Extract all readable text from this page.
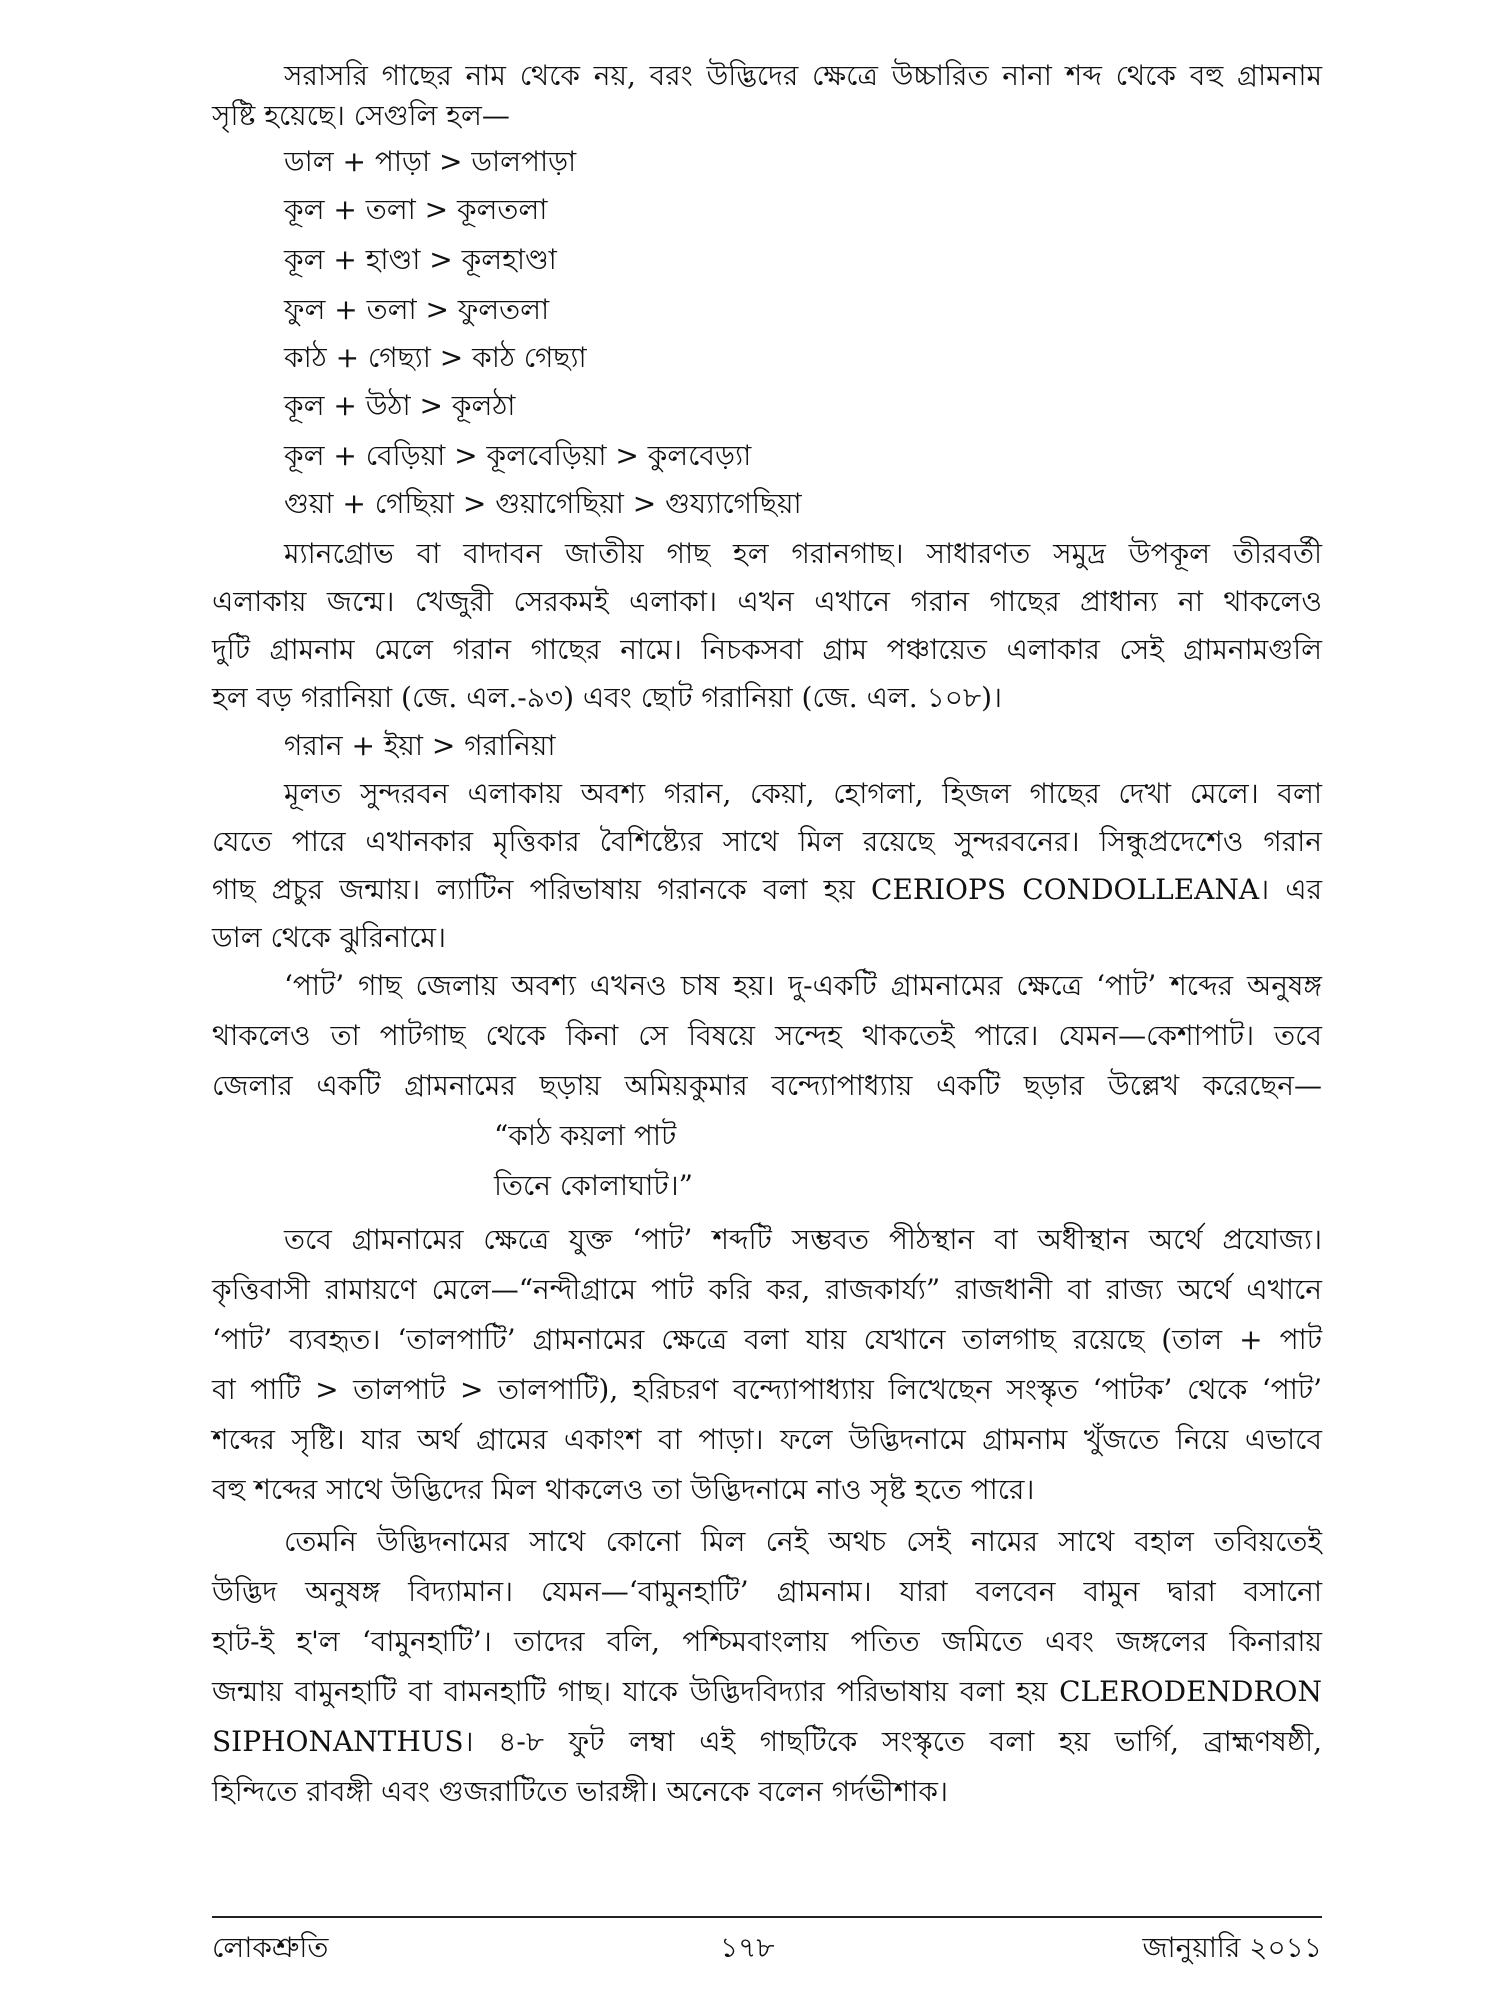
সরাসরি গাছের নাম থেকে নয়, বরং উদ্ভিদের ক্ষেত্রে উচ্চারিত নানা শব্দ থেকে বহু গ্রামনাম
সৃষ্টি হয়েছে। সেগুলি হল—
ডাল + পাড়া > ডালপাড়া
কূল + তলা > কূলতলা
কূল + হাণ্ডা > কূলহাণ্ডা
ফুল + তলা > ফুলতলা
কাঠ + গেছ্যা > কাঠ গেছ্যা
কূল + উঠা > কূলঠা
কূল + বেড়িয়া > কূলবেড়িয়া > কুলবেড়্যা
গুয়া + গেছিয়া > গুয়াগেছিয়া > গুয্যাগেছিয়া
ম্যানগ্রোভ বা বাদাবন জাতীয় গাছ হল গরানগাছ। সাধারণত সমুদ্র উপকূল তীরবর্তী
এলাকায় জন্মে। খেজুরী সেরকমই এলাকা। এখন এখানে গরান গাছের প্রাধান্য না থাকলেও
দুটি গ্রামনাম মেলে গরান গাছের নামে। নিচকসবা গ্রাম পঞ্চায়েত এলাকার সেই গ্রামনামগুলি
হল বড় গরানিয়া (জে. এল.-৯৩) এবং ছোট গরানিয়া (জে. এল. ১০৮)।
গরান + ইয়া > গরানিয়া
মূলত সুন্দরবন এলাকায় অবশ্য গরান, কেয়া, হোগলা, হিজল গাছের দেখা মেলে। বলা
যেতে পারে এখানকার মৃত্তিকার বৈশিষ্ট্যের সাথে মিল রয়েছে সুন্দরবনের। সিন্ধুপ্রদেশেও গরান
গাছ প্রচুর জন্মায়। ল্যাটিন পরিভাষায় গরানকে বলা হয় CERIOPS CONDOLLEANA। এর
ডাল থেকে ঝুরিনামে।
‘পাট’ গাছ জেলায় অবশ্য এখনও চাষ হয়। দু-একটি গ্রামনামের ক্ষেত্রে ‘পাট’ শব্দের অনুষঙ্গ
থাকলেও তা পাটগাছ থেকে কিনা সে বিষয়ে সন্দেহ থাকতেই পারে। যেমন—কেশাপাট। তবে
জেলার একটি গ্রামনামের ছড়ায় অমিয়কুমার বন্দ্যোপাধ্যায় একটি ছড়ার উল্লেখ করেছেন—
“কাঠ কয়লা পাট
তিনে কোলাঘাট।”
তবে গ্রামনামের ক্ষেত্রে যুক্ত ‘পাট’ শব্দটি সম্ভবত পীঠস্থান বা অধীস্থান অর্থে প্রযোজ্য।
কৃত্তিবাসী রামায়ণে মেলে—“নন্দীগ্রামে পাট করি কর, রাজকার্য্য” রাজধানী বা রাজ্য অর্থে এখানে
‘পাট’ ব্যবহৃত। ‘তালপাটি’ গ্রামনামের ক্ষেত্রে বলা যায় যেখানে তালগাছ রয়েছে (তাল + পাট
বা পাটি > তালপাট > তালপাটি), হরিচরণ বন্দ্যোপাধ্যায় লিখেছেন সংস্কৃত ‘পাটক’ থেকে ‘পাট’
শব্দের সৃষ্টি। যার অর্থ গ্রামের একাংশ বা পাড়া। ফলে উদ্ভিদনামে গ্রামনাম খুঁজতে নিয়ে এভাবে
বহু শব্দের সাথে উদ্ভিদের মিল থাকলেও তা উদ্ভিদনামে নাও সৃষ্ট হতে পারে।
তেমনি উদ্ভিদনামের সাথে কোনো মিল নেই অথচ সেই নামের সাথে বহাল তবিয়তেই
উদ্ভিদ অনুষঙ্গ বিদ্যামান। যেমন—‘বামুনহাটি’ গ্রামনাম। যারা বলবেন বামুন দ্বারা বসানো
হাট-ই হ'ল ‘বামুনহাটি’। তাদের বলি, পশ্চিমবাংলায় পতিত জমিতে এবং জঙ্গলের কিনারায়
জন্মায় বামুনহাটি বা বামনহাটি গাছ। যাকে উদ্ভিদবিদ্যার পরিভাষায় বলা হয় CLERODENDRON
SIPHONANTHUS। ৪-৮ ফুট লম্বা এই গাছটিকে সংস্কৃতে বলা হয় ভার্গি, ব্রাহ্মণষষ্ঠী,
হিন্দিতে রাবঙ্গী এবং গুজরাটিতে ভারঙ্গী। অনেকে বলেন গর্দভীশাক।
লোকশ্রুতি	১৭৮	জানুয়ারি ২০১১
